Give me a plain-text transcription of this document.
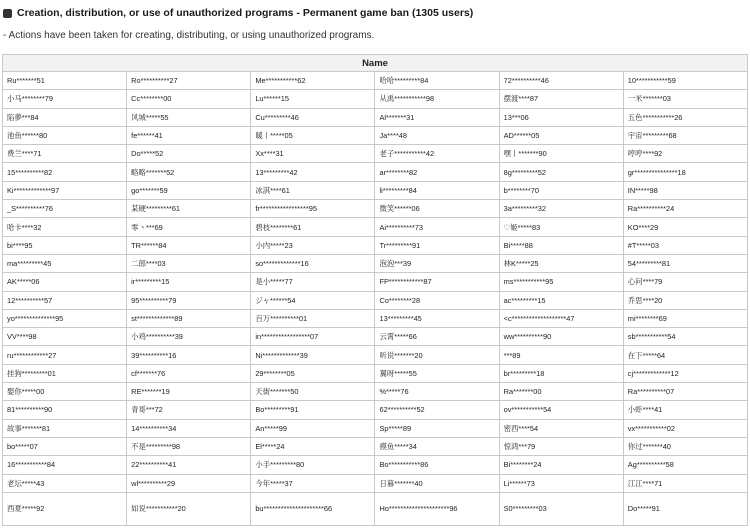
Creation, distribution, or use of unauthorized programs - Permanent game ban (1305 users)
- Actions have been taken for creating, distributing, or using unauthorized programs.
Name					
Ru*******51	Ro**********27	Me***********62	哈哈*********84	72**********46	10***********59
小马********79	Cc********00	Lu******15	从禹***********98	摆渡****87	一米*******03
陷夢***84	风城*****55	Cu*********46	Al*******31	13***06	五色***********26
池鱼******80	fe******41	暖丨*****05	Ja****48	AD******05	宇宙*********68
费兰****71	Do*****52	Xx****31	老子***********42	嘿丨*******90	哼哼****92
15**********82	略略*******52	13*********42	ar********82	8g*********52	gr***************18
Ki*************97	go*******59	冰淇****61	li*********84	b********70	IN*****98
_S**********76	某硬*********61	fr*****************95	微笑******06	3a*********32	Ra**********24
哈卡****32	零丶***69	碧枝********61	Ai**********73	♡姬*****83	KO****29
bi****95	TR******84	小内*****23	Tr*********91	Bi*****88	#T*****03
ma*********45	二郎****03	so*************16	泡泡***39	林K*****25	54*********81
AK*****06	ir*********15	是小*****77	FP************87	ms***********95	心问****79
12**********57	95**********79	ジャ******54	Co********28	ac*********15	乔思****20
yo**************95	st*************89	百万**********01	13*********45	<c*******************47	mi********69
VV****98	小鸡**********39	in*****************07	云霄*****66	ww**********90	sb***********54
ru************27	39**********16	Ni*************39	听说*******20	***89	在下*****64
挂狗*********01	cf*******76	29********05	翼呀*****55	br*********18	cj*************12
娶你*****00	RE*******19	天街*******50	%*****76	Ra*******00	Ra**********07
81**********90	青哥***72	Bo*********91	62**********52	ov***********54	小虾****41
故事*******81	14**********34	An*****99	Sp*****89	密西****54	vx***********02
bo*****07	不是*********98	El*****24	摸鱼*****34	惊鸿***79	你过*******40
16***********84	22**********41	小手*********80	Bo***********86	Bi********24	Ag**********58
老坛*****43	wl**********29	今年*****37	日暮*******40	Li******73	江江****71
西夏*****92	如说***********20	bu*********************66	Ho*********************96	S0*********03	Do*****91
